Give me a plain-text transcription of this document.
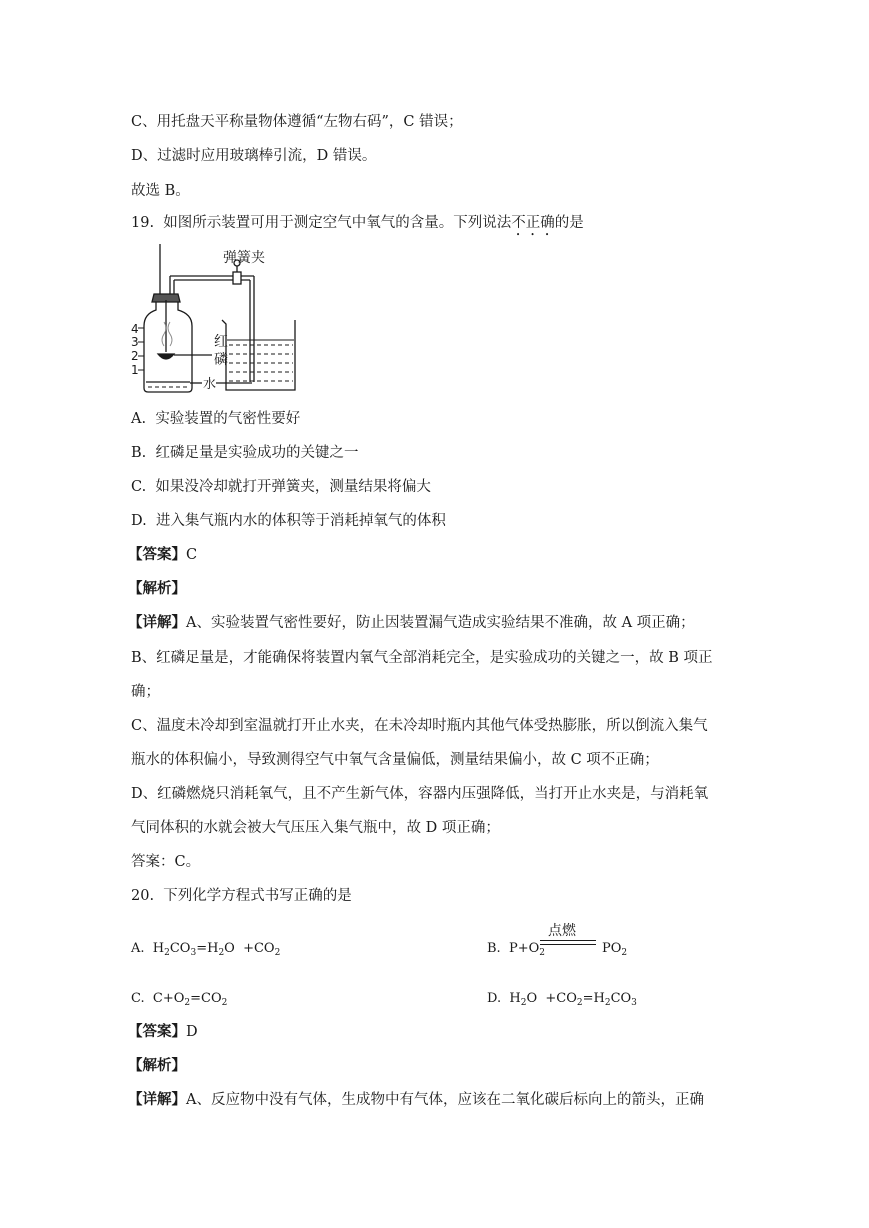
C、用托盘天平称量物体遵循“左物右码”，C 错误；
D、过滤时应用玻璃棒引流，D 错误。
故选 B。
19. 如图所示装置可用于测定空气中氧气的含量。下列说法不正确的是
弹簧夹
红
磷
水
4
3
2
1
A. 实验装置的气密性要好
B. 红磷足量是实验成功的关键之一
C. 如果没冷却就打开弹簧夹，测量结果将偏大
D. 进入集气瓶内水的体积等于消耗掉氧气的体积
【答案】C
【解析】
【详解】A、实验装置气密性要好，防止因装置漏气造成实验结果不准确，故 A 项正确；
B、红磷足量是，才能确保将装置内氧气全部消耗完全，是实验成功的关键之一，故 B 项正
确；
C、温度未冷却到室温就打开止水夹，在未冷却时瓶内其他气体受热膨胀，所以倒流入集气
瓶水的体积偏小，导致测得空气中氧气含量偏低，测量结果偏小，故 C 项不正确；
D、红磷燃烧只消耗氧气，且不产生新气体，容器内压强降低，当打开止水夹是，与消耗氧
气同体积的水就会被大气压压入集气瓶中，故 D 项正确；
答案：C。
20. 下列化学方程式书写正确的是
A.  $H_2CO_3=H_2O +CO_2$
点燃
B.  $P+O_2$	$PO_2$
C.  $C+O_2=CO_2$	D.  $H_2O +CO_2=H_2CO_3$
【答案】D
【解析】
【详解】A、反应物中没有气体，生成物中有气体，应该在二氧化碳后标向上的箭头，正确
